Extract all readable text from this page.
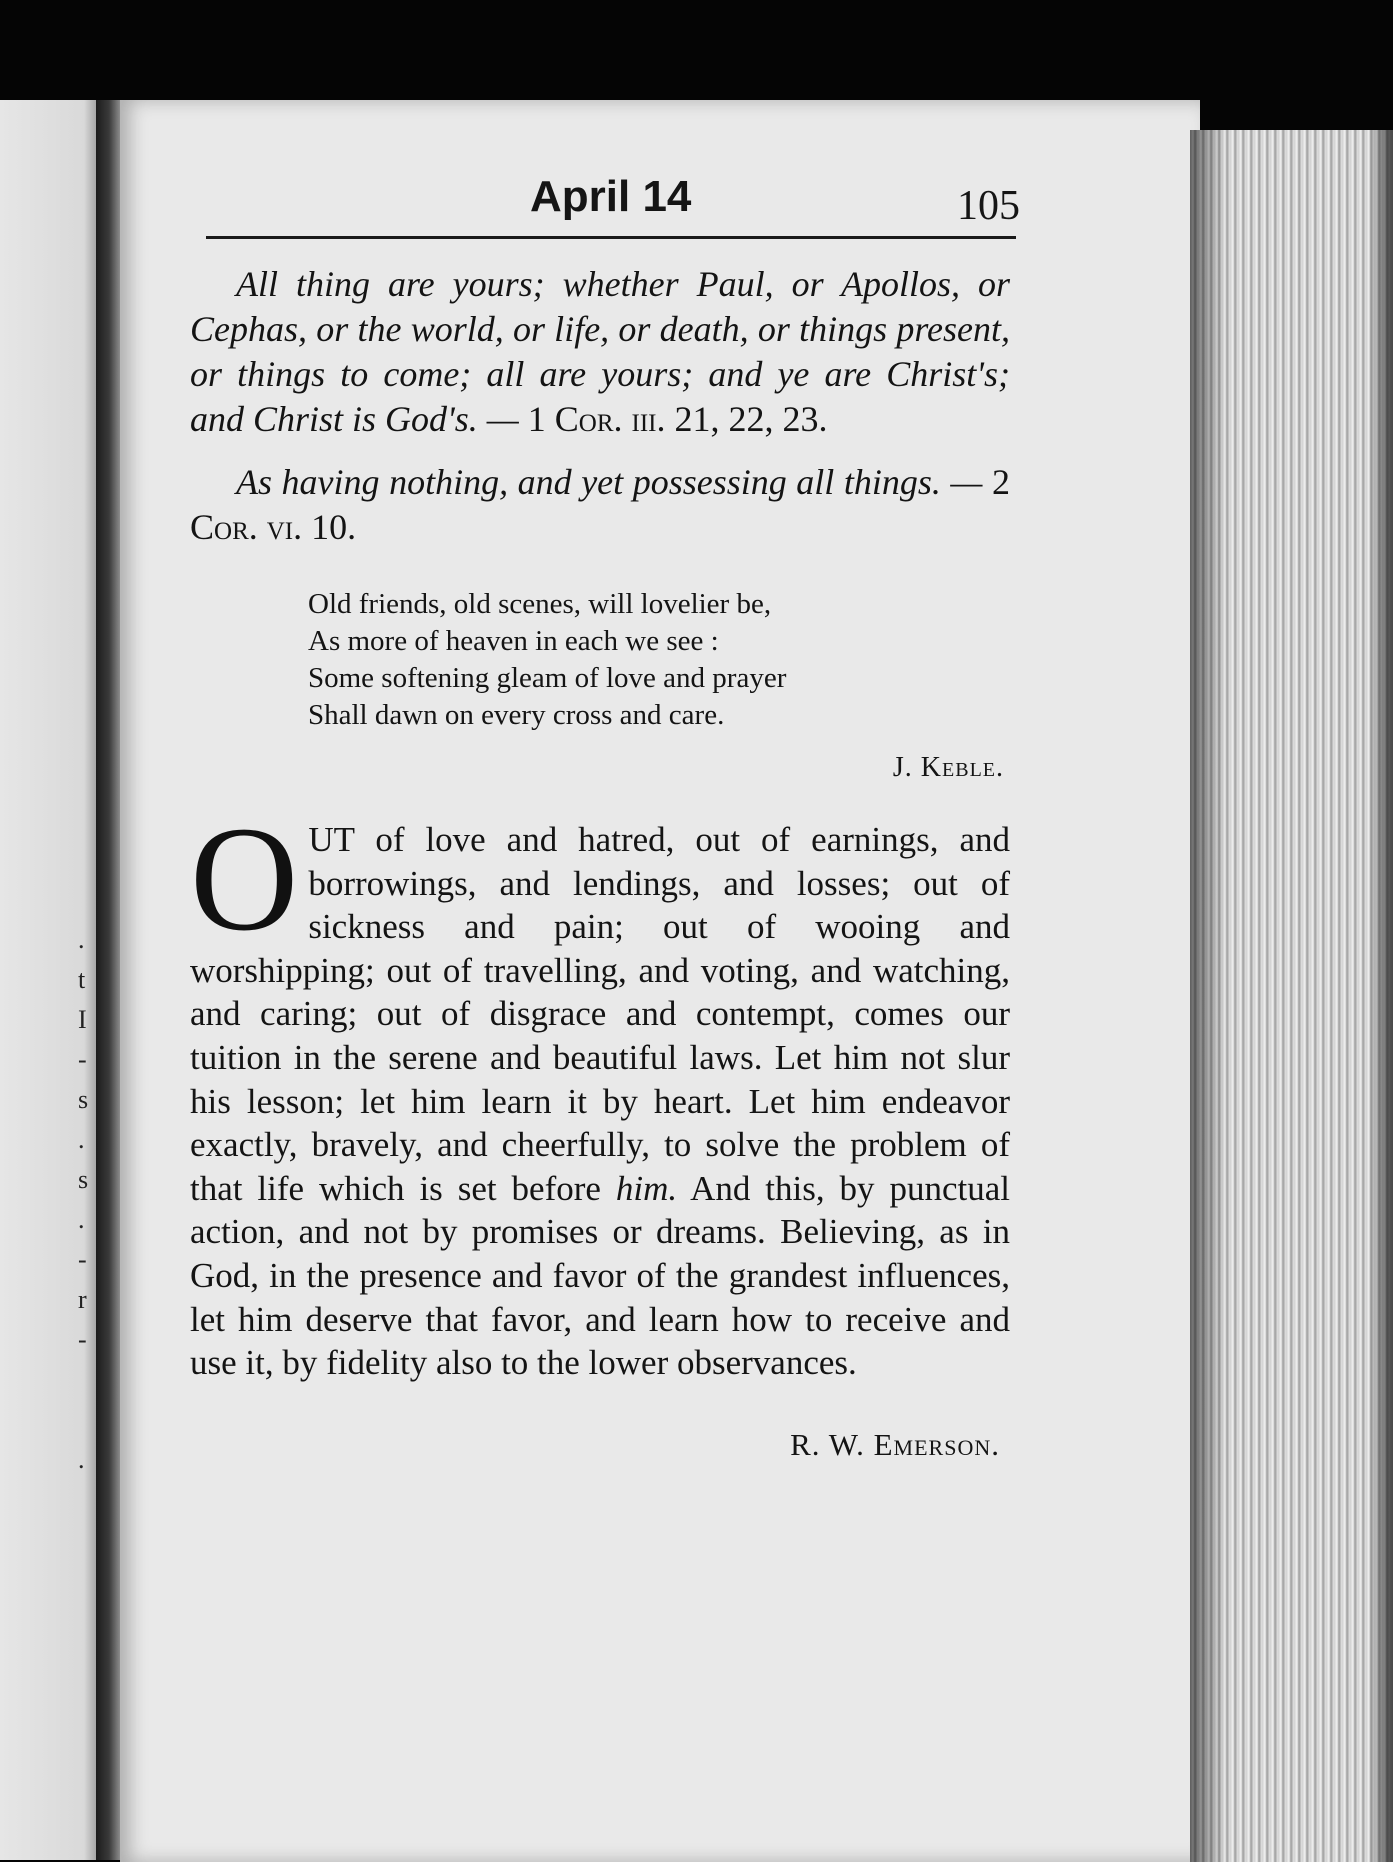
.
t
I
-
s
.
s
.
-
r
-

.
April 14	105

All thing are yours; whether Paul, or Apollos, or Cephas, or the world, or life, or death, or things present, or things to come; all are yours; and ye are Christ's; and Christ is God's. — 1 Cor. iii. 21, 22, 23.

As having nothing, and yet possessing all things. — 2 Cor. vi. 10.

Old friends, old scenes, will lovelier be,
As more of heaven in each we see :
Some softening gleam of love and prayer
Shall dawn on every cross and care.
J. Keble.
OUT of love and hatred, out of earnings, and borrowings, and lendings, and losses; out of sickness and pain; out of wooing and worshipping; out of travelling, and voting, and watching, and caring; out of disgrace and contempt, comes our tuition in the serene and beautiful laws. Let him not slur his lesson; let him learn it by heart. Let him endeavor exactly, bravely, and cheerfully, to solve the problem of that life which is set before him. And this, by punctual action, and not by promises or dreams. Believing, as in God, in the presence and favor of the grandest influences, let him deserve that favor, and learn how to receive and use it, by fidelity also to the lower observances.
R. W. Emerson.
